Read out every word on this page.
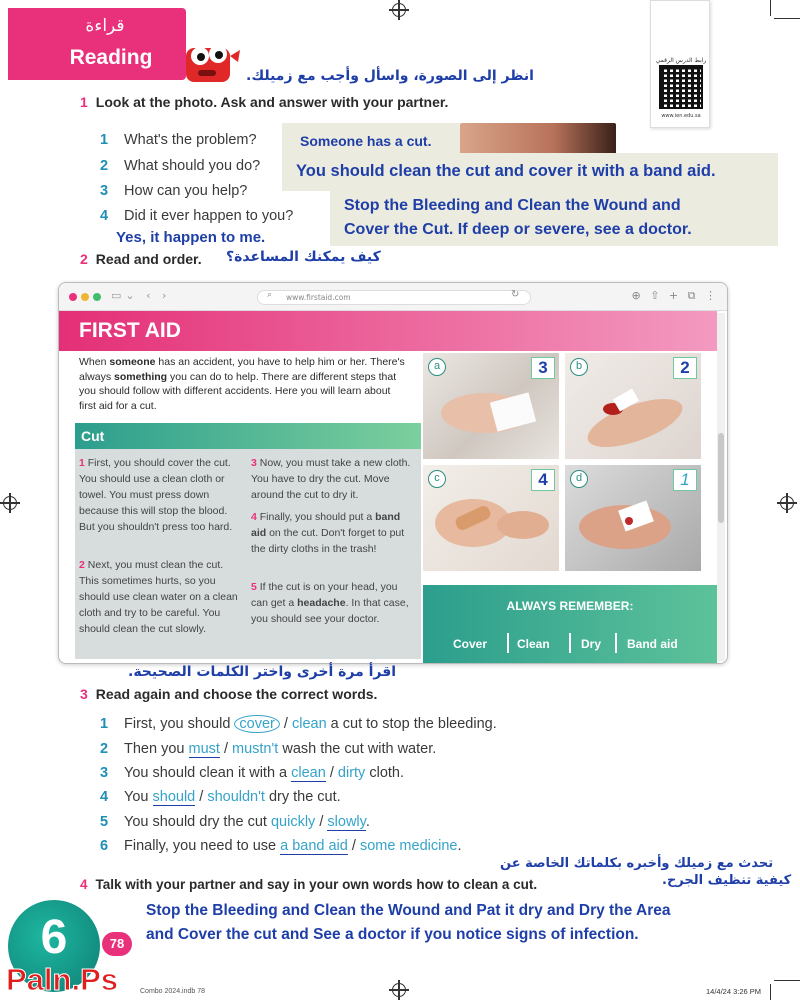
قراءة
Reading	رابط الدرس الرقمي
www.ien.edu.sa
انظر إلى الصورة، واسأل وأجب مع زميلك.
1 Look at the photo. Ask and answer with your partner.
1 What's the problem?
2 What should you do?
3 How can you help?
4 Did it ever happen to you?
Someone has a cut.
You should clean the cut and cover it with a band aid.
Stop the Bleeding and Clean the Wound and
Cover the Cut. If deep or severe, see a doctor.
Yes, it happen to me.
2 Read and order. كيف يمكنك المساعدة؟
▭⌄ ‹ ›	www.firstaid.com
⌕	↻	⊕ ⇧ + ⧉ ⋮
FIRST AID
When someone has an accident, you have to help him or her. There's always something you can do to help. There are different steps that you should follow with different accidents. Here you will learn about first aid for a cut.
Cut
1 First, you should cover the cut. You should use a clean cloth or towel. You must press down because this will stop the blood. But you shouldn't press too hard.
2 Next, you must clean the cut. This sometimes hurts, so you should use clean water on a clean cloth and try to be careful. You should clean the cut slowly.
3 Now, you must take a new cloth. You have to dry the cut. Move around the cut to dry it.
4 Finally, you should put a band aid on the cut. Don't forget to put the dirty cloths in the trash!
5 If the cut is on your head, you can get a headache. In that case, you should see your doctor.
a	3	b	2
c	4	d	1
ALWAYS REMEMBER:
Cover Clean	Dry Band aid
اقرأ مرة أخرى واختر الكلمات الصحيحة.
3 Read again and choose the correct words.
1 First, you should cover / clean a cut to stop the bleeding.
2 Then you must / mustn't wash the cut with water.
3 You should clean it with a clean / dirty cloth.
4 You should / shouldn't dry the cut.
5 You should dry the cut quickly / slowly.
6 Finally, you need to use a band aid / some medicine.
تحدث مع زميلك وأخبره بكلماتك الخاصة عن
كيفية تنظيف الجرح.
4 Talk with your partner and say in your own words how to clean a cut.
Stop the Bleeding and Clean the Wound and Pat it dry and Dry the Area
and Cover the cut and See a doctor if you notice signs of infection.
6	78
Paln.Ps	Combo 2024.indb 78	14/4/24 3:26 PM
